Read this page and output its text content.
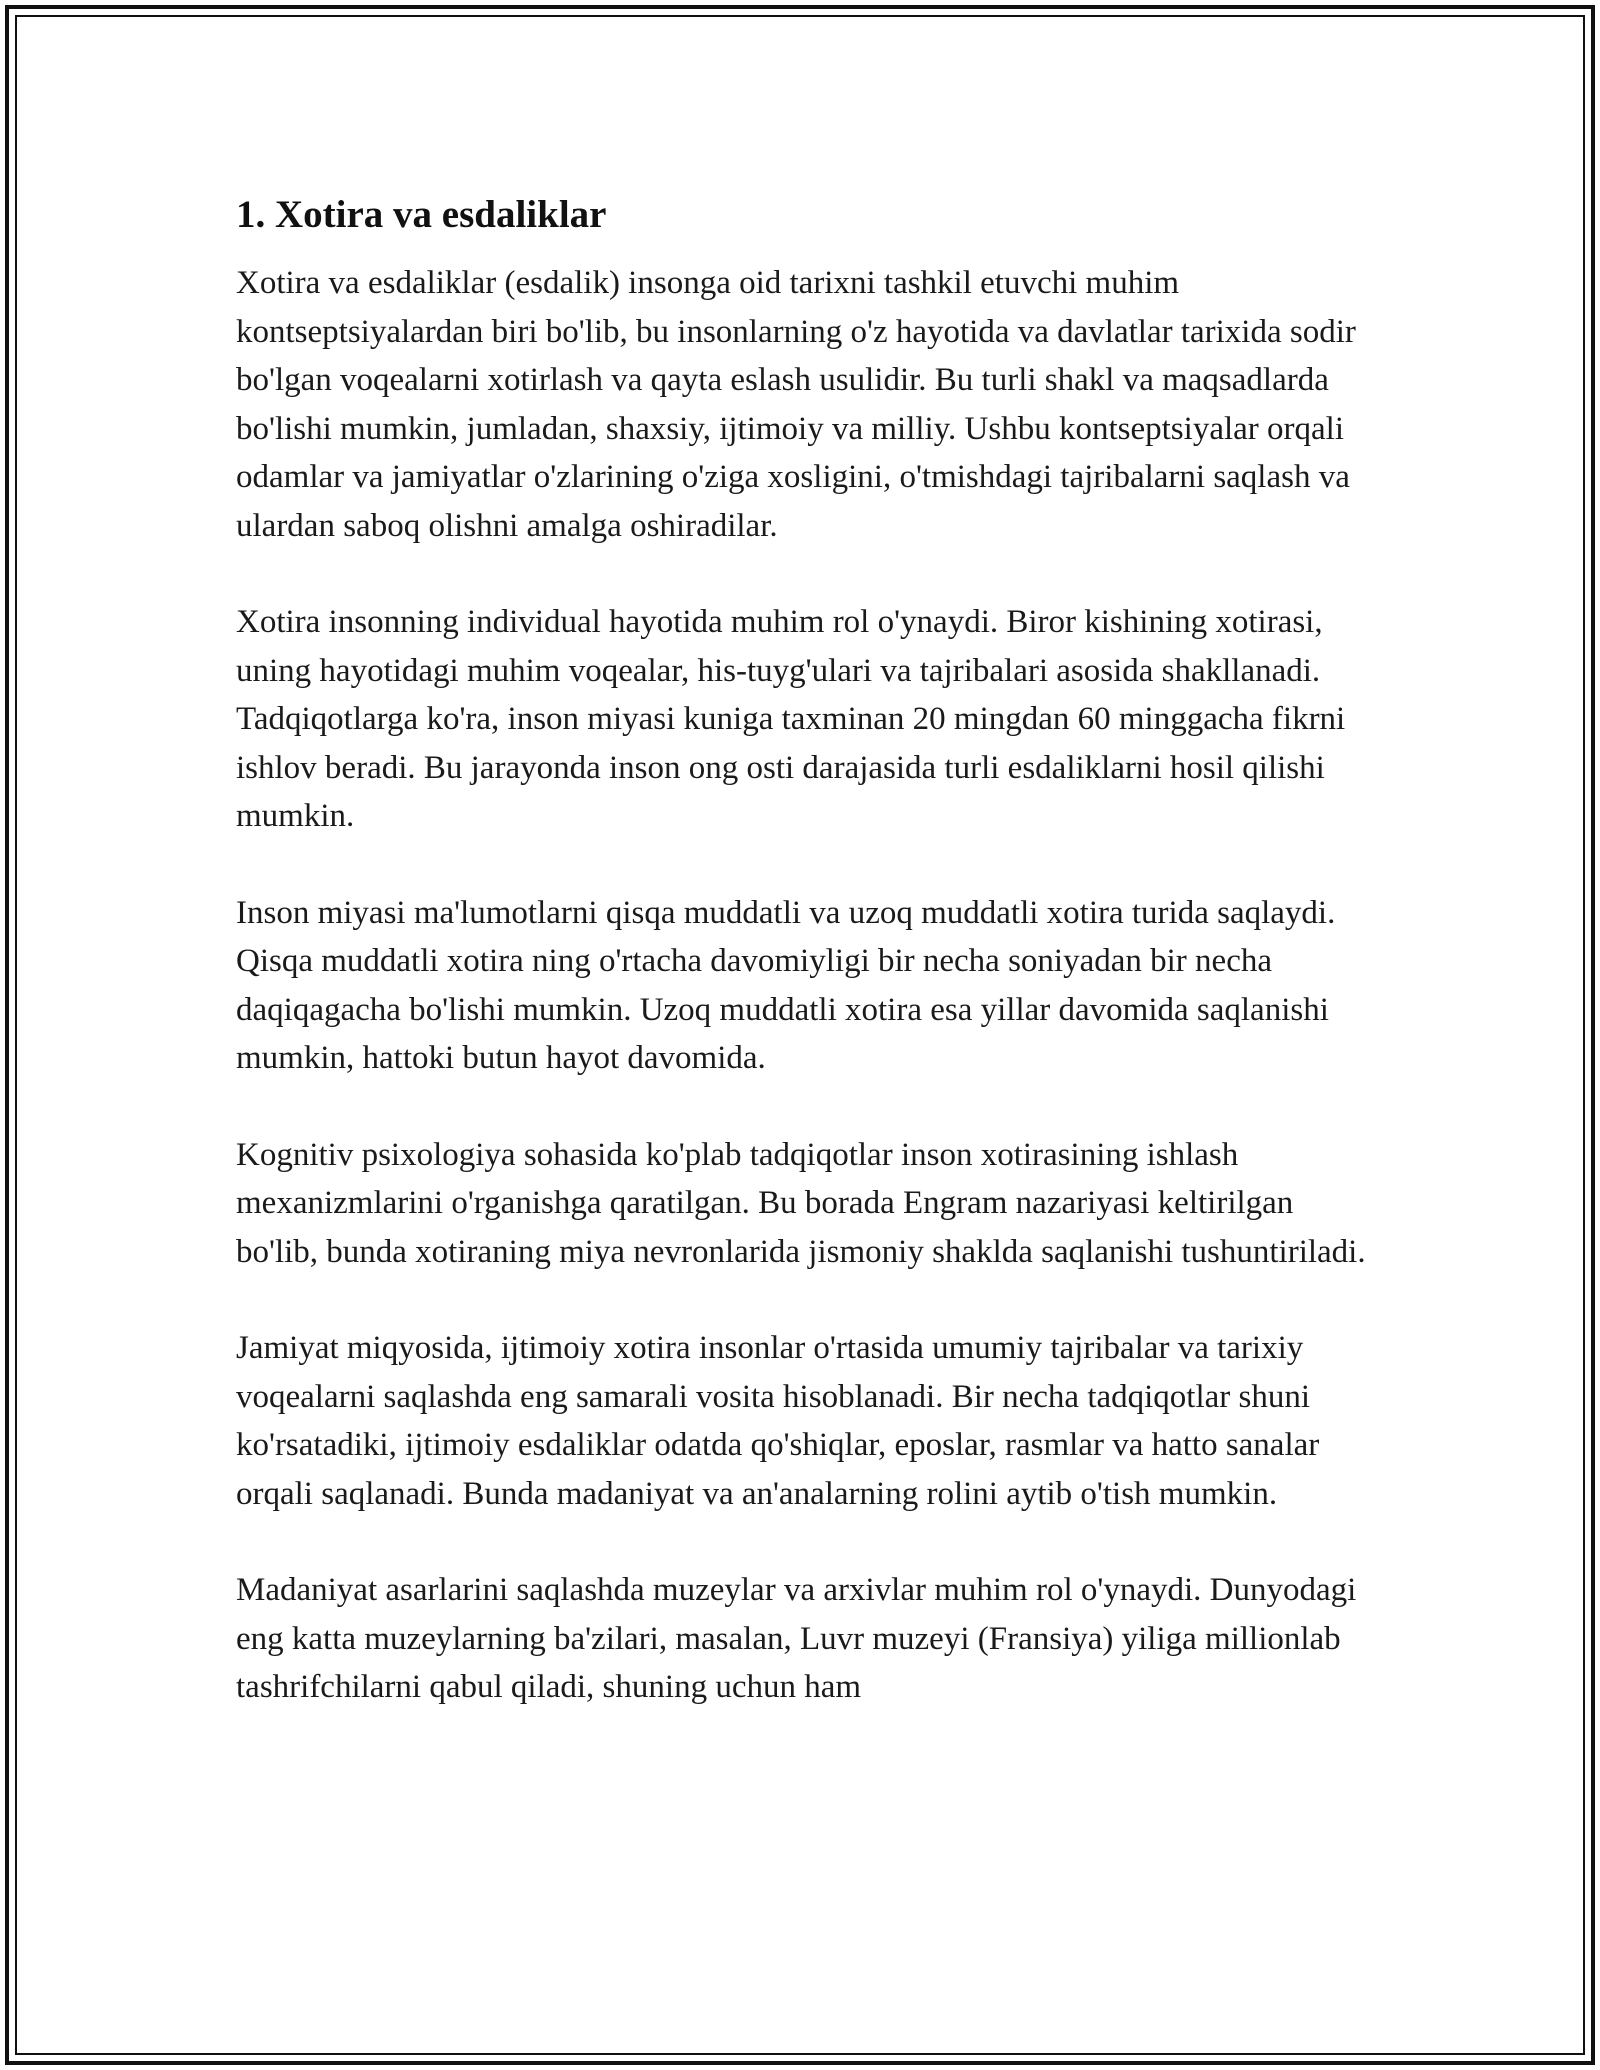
1. Xotira va esdaliklar

Xotira va esdaliklar (esdalik) insonga oid tarixni tashkil etuvchi muhim kontseptsiyalardan biri bo'lib, bu insonlarning o'z hayotida va davlatlar tarixida sodir bo'lgan voqealarni xotirlash va qayta eslash usulidir. Bu turli shakl va maqsadlarda bo'lishi mumkin, jumladan, shaxsiy, ijtimoiy va milliy. Ushbu kontseptsiyalar orqali odamlar va jamiyatlar o'zlarining o'ziga xosligini, o'tmishdagi tajribalarni saqlash va ulardan saboq olishni amalga oshiradilar.

Xotira insonning individual hayotida muhim rol o'ynaydi. Biror kishining xotirasi, uning hayotidagi muhim voqealar, his-tuyg'ulari va tajribalari asosida shakllanadi. Tadqiqotlarga ko'ra, inson miyasi kuniga taxminan 20 mingdan 60 minggacha fikrni ishlov beradi. Bu jarayonda inson ong osti darajasida turli esdaliklarni hosil qilishi mumkin.

Inson miyasi ma'lumotlarni qisqa muddatli va uzoq muddatli xotira turida saqlaydi. Qisqa muddatli xotira ning o'rtacha davomiyligi bir necha soniyadan bir necha daqiqagacha bo'lishi mumkin. Uzoq muddatli xotira esa yillar davomida saqlanishi mumkin, hattoki butun hayot davomida.

Kognitiv psixologiya sohasida ko'plab tadqiqotlar inson xotirasining ishlash mexanizmlarini o'rganishga qaratilgan. Bu borada Engram nazariyasi keltirilgan bo'lib, bunda xotiraning miya nevronlarida jismoniy shaklda saqlanishi tushuntiriladi.

Jamiyat miqyosida, ijtimoiy xotira insonlar o'rtasida umumiy tajribalar va tarixiy voqealarni saqlashda eng samarali vosita hisoblanadi. Bir necha tadqiqotlar shuni ko'rsatadiki, ijtimoiy esdaliklar odatda qo'shiqlar, eposlar, rasmlar va hatto sanalar orqali saqlanadi. Bunda madaniyat va an'analarning rolini aytib o'tish mumkin.

Madaniyat asarlarini saqlashda muzeylar va arxivlar muhim rol o'ynaydi. Dunyodagi eng katta muzeylarning ba'zilari, masalan, Luvr muzeyi (Fransiya) yiliga millionlab tashrifchilarni qabul qiladi, shuning uchun ham
